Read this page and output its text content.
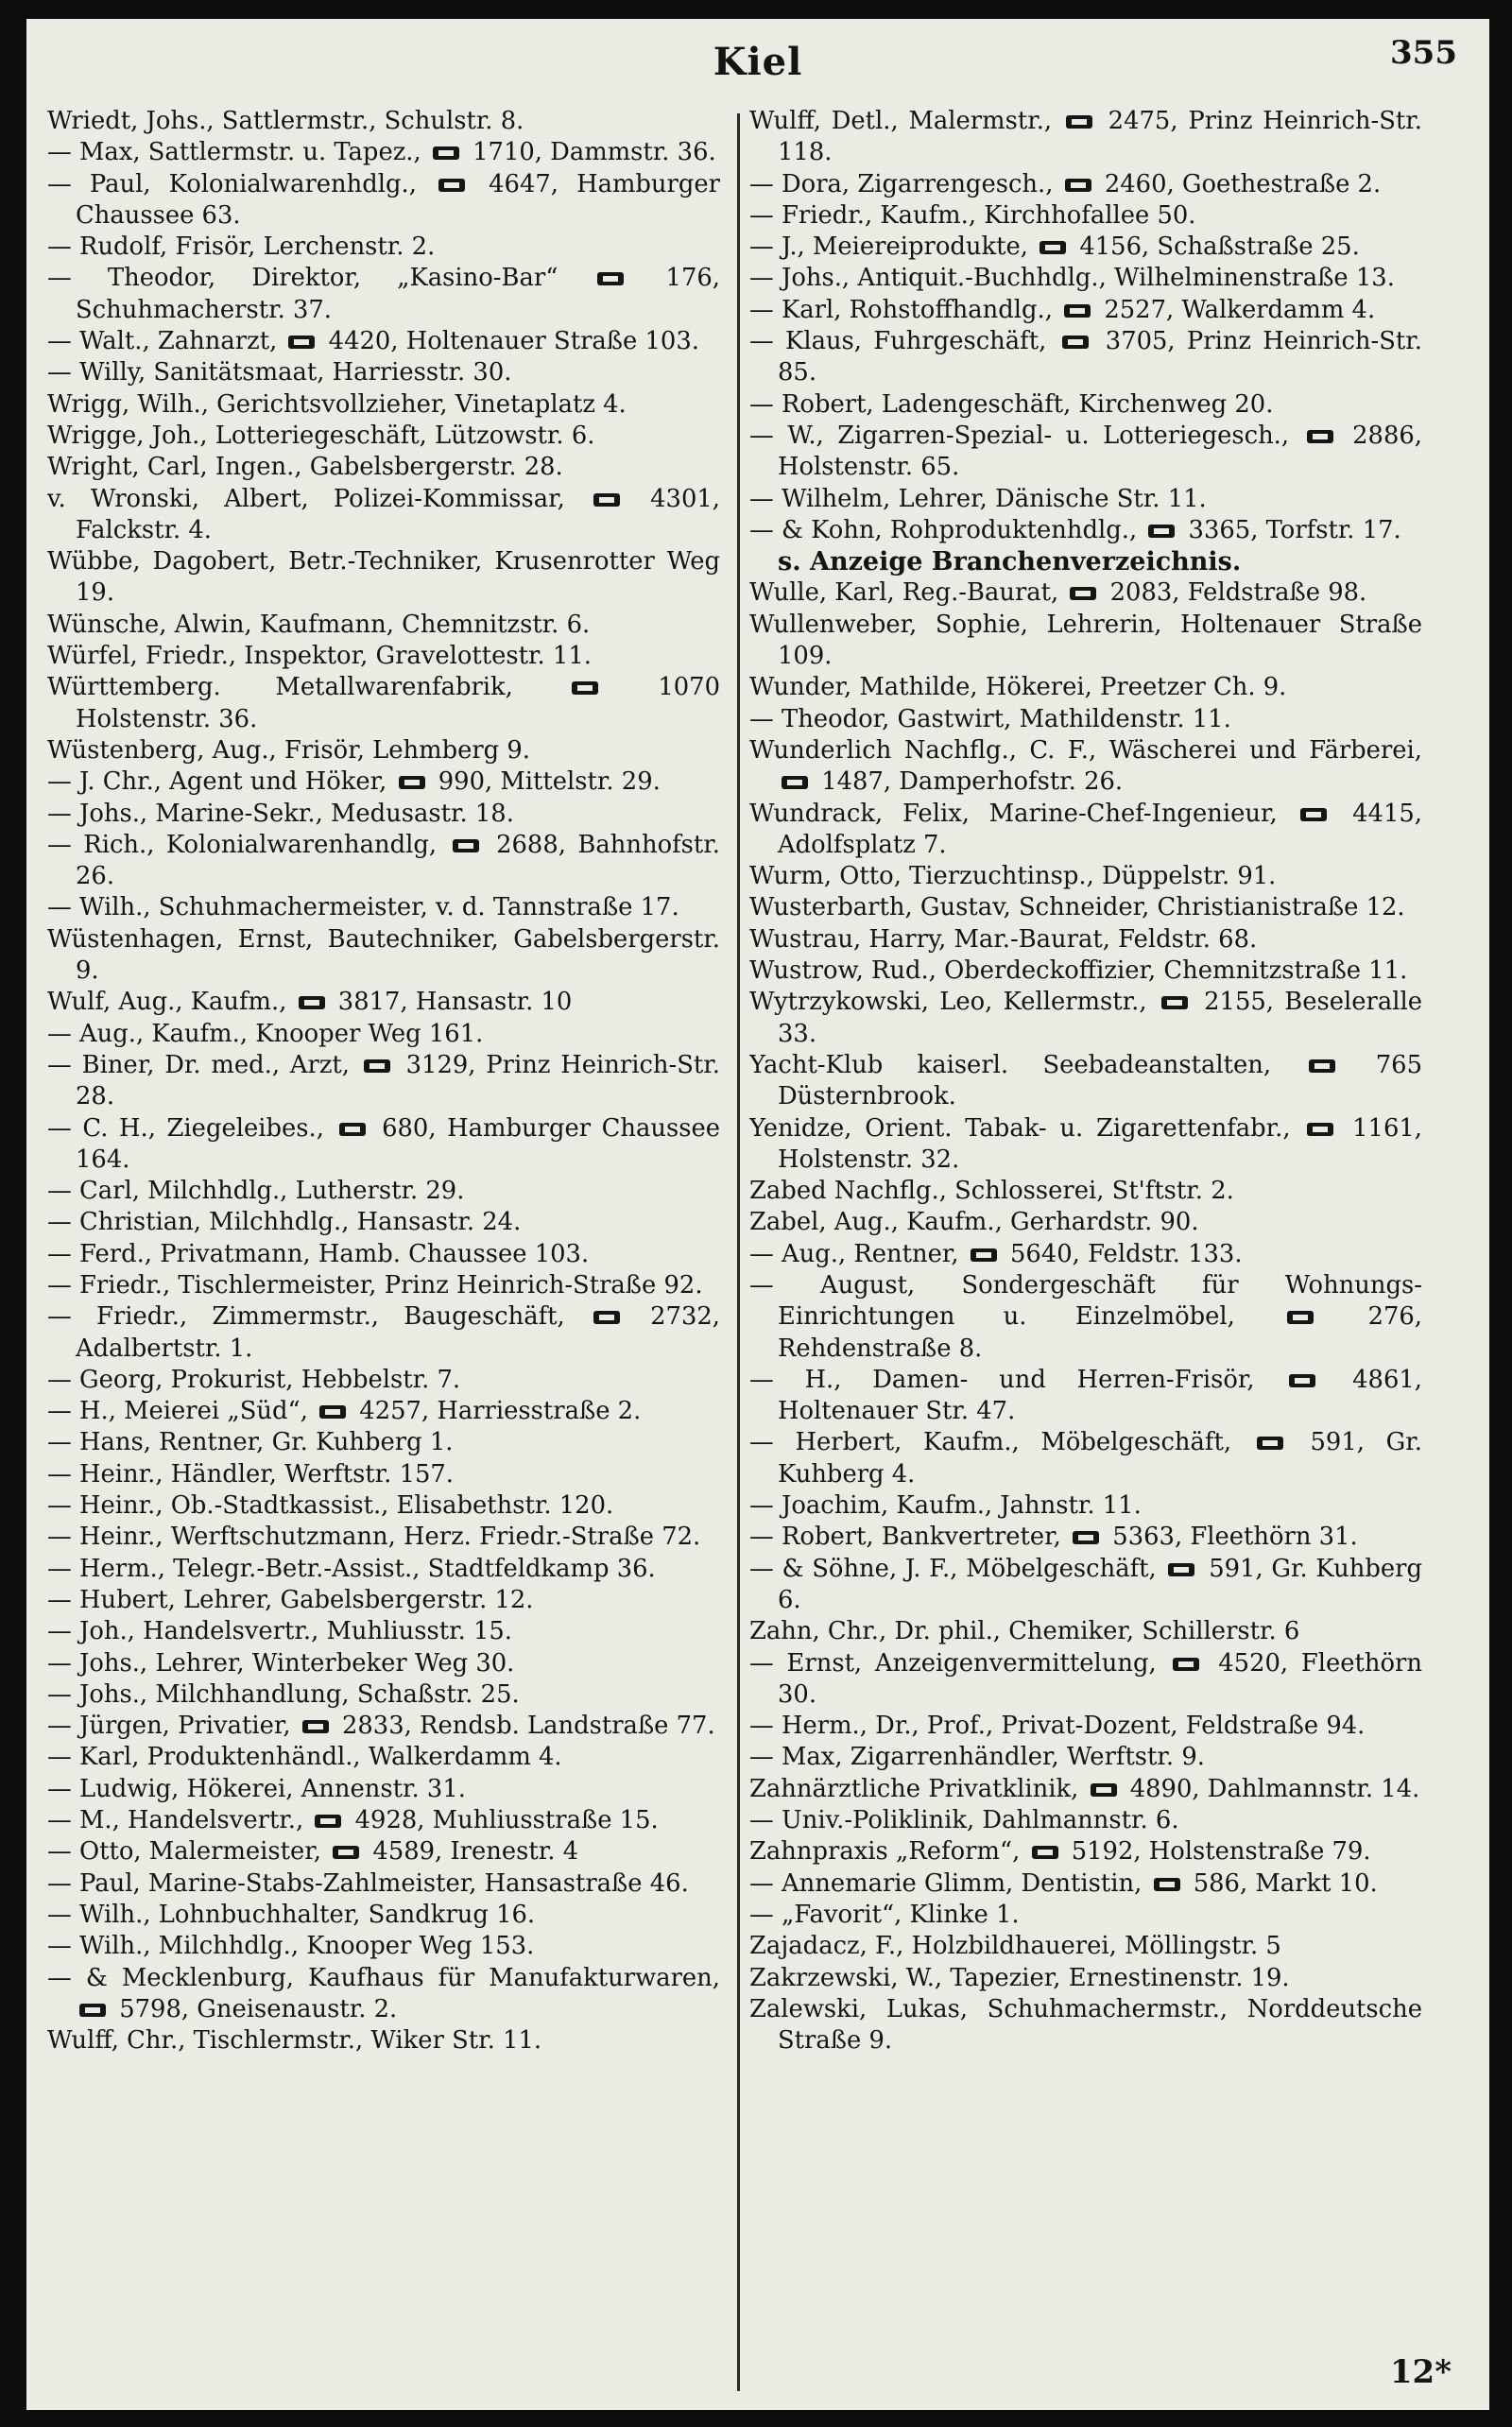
Kiel	355

Wriedt, Johs., Sattlermstr., Schulstr. 8.

— Max, Sattlermstr. u. Tapez.,  1710, Dammstr. 36.

— Paul, Kolonialwarenhdlg.,  4647, Hamburger Chaussee 63.

— Rudolf, Frisör, Lerchenstr. 2.

— Theodor, Direktor, „Kasino-Bar“  176, Schuhmacherstr. 37.

— Walt., Zahnarzt,  4420, Holtenauer Straße 103.

— Willy, Sanitätsmaat, Harriesstr. 30.

Wrigg, Wilh., Gerichtsvollzieher, Vinetaplatz 4.

Wrigge, Joh., Lotteriegeschäft, Lützowstr. 6.

Wright, Carl, Ingen., Gabelsbergerstr. 28.

v. Wronski, Albert, Polizei-Kommissar,  4301, Falckstr. 4.

Wübbe, Dagobert, Betr.-Techniker, Krusenrotter Weg 19.

Wünsche, Alwin, Kaufmann, Chemnitzstr. 6.

Würfel, Friedr., Inspektor, Gravelottestr. 11.

Württemberg. Metallwarenfabrik,  1070 Holstenstr. 36.

Wüstenberg, Aug., Frisör, Lehmberg 9.

— J. Chr., Agent und Höker,  990, Mittelstr. 29.

— Johs., Marine-Sekr., Medusastr. 18.

— Rich., Kolonialwarenhandlg,  2688, Bahnhofstr. 26.

— Wilh., Schuhmachermeister, v. d. Tannstraße 17.

Wüstenhagen, Ernst, Bautechniker, Gabelsbergerstr. 9.

Wulf, Aug., Kaufm.,  3817, Hansastr. 10

— Aug., Kaufm., Knooper Weg 161.

— Biner, Dr. med., Arzt,  3129, Prinz Heinrich-Str. 28.

— C. H., Ziegeleibes.,  680, Hamburger Chaussee 164.

— Carl, Milchhdlg., Lutherstr. 29.

— Christian, Milchhdlg., Hansastr. 24.

— Ferd., Privatmann, Hamb. Chaussee 103.

— Friedr., Tischlermeister, Prinz Heinrich-Straße 92.

— Friedr., Zimmermstr., Baugeschäft,  2732, Adalbertstr. 1.

— Georg, Prokurist, Hebbelstr. 7.

— H., Meierei „Süd“,  4257, Harriesstraße 2.

— Hans, Rentner, Gr. Kuhberg 1.

— Heinr., Händler, Werftstr. 157.

— Heinr., Ob.-Stadtkassist., Elisabethstr. 120.

— Heinr., Werftschutzmann, Herz. Friedr.-Straße 72.

— Herm., Telegr.-Betr.-Assist., Stadtfeldkamp 36.

— Hubert, Lehrer, Gabelsbergerstr. 12.

— Joh., Handelsvertr., Muhliusstr. 15.

— Johs., Lehrer, Winterbeker Weg 30.

— Johs., Milchhandlung, Schaßstr. 25.

— Jürgen, Privatier,  2833, Rendsb. Landstraße 77.

— Karl, Produktenhändl., Walkerdamm 4.

— Ludwig, Hökerei, Annenstr. 31.

— M., Handelsvertr.,  4928, Muhliusstraße 15.

— Otto, Malermeister,  4589, Irenestr. 4

— Paul, Marine-Stabs-Zahlmeister, Hansastraße 46.

— Wilh., Lohnbuchhalter, Sandkrug 16.

— Wilh., Milchhdlg., Knooper Weg 153.

— & Mecklenburg, Kaufhaus für Manufakturwaren,  5798, Gneisenaustr. 2.

Wulff, Chr., Tischlermstr., Wiker Str. 11.

Wulff, Detl., Malermstr.,  2475, Prinz Heinrich-Str. 118.

— Dora, Zigarrengesch.,  2460, Goethestraße 2.

— Friedr., Kaufm., Kirchhofallee 50.

— J., Meiereiprodukte,  4156, Schaßstraße 25.

— Johs., Antiquit.-Buchhdlg., Wilhelminenstraße 13.

— Karl, Rohstoffhandlg.,  2527, Walkerdamm 4.

— Klaus, Fuhrgeschäft,  3705, Prinz Heinrich-Str. 85.

— Robert, Ladengeschäft, Kirchenweg 20.

— W., Zigarren-Spezial- u. Lotteriegesch.,  2886, Holstenstr. 65.

— Wilhelm, Lehrer, Dänische Str. 11.

— & Kohn, Rohproduktenhdlg.,  3365, Torfstr. 17.

s. Anzeige Branchenverzeichnis.

Wulle, Karl, Reg.-Baurat,  2083, Feldstraße 98.

Wullenweber, Sophie, Lehrerin, Holtenauer Straße 109.

Wunder, Mathilde, Hökerei, Preetzer Ch. 9.

— Theodor, Gastwirt, Mathildenstr. 11.

Wunderlich Nachflg., C. F., Wäscherei und Färberei,  1487, Damperhofstr. 26.

Wundrack, Felix, Marine-Chef-Ingenieur,  4415, Adolfsplatz 7.

Wurm, Otto, Tierzuchtinsp., Düppelstr. 91.

Wusterbarth, Gustav, Schneider, Christianistraße 12.

Wustrau, Harry, Mar.-Baurat, Feldstr. 68.

Wustrow, Rud., Oberdeckoffizier, Chemnitzstraße 11.

Wytrzykowski, Leo, Kellermstr.,  2155, Beseleralle 33.

Yacht-Klub kaiserl. Seebadeanstalten,  765 Düsternbrook.

Yenidze, Orient. Tabak- u. Zigarettenfabr.,  1161, Holstenstr. 32.

Zabed Nachflg., Schlosserei, St'ftstr. 2.

Zabel, Aug., Kaufm., Gerhardstr. 90.

— Aug., Rentner,  5640, Feldstr. 133.

— August, Sondergeschäft für Wohnungs-Einrichtungen u. Einzelmöbel,  276, Rehdenstraße 8.

— H., Damen- und Herren-Frisör,  4861, Holtenauer Str. 47.

— Herbert, Kaufm., Möbelgeschäft,  591, Gr. Kuhberg 4.

— Joachim, Kaufm., Jahnstr. 11.

— Robert, Bankvertreter,  5363, Fleethörn 31.

— & Söhne, J. F., Möbelgeschäft,  591, Gr. Kuhberg 6.

Zahn, Chr., Dr. phil., Chemiker, Schillerstr. 6

— Ernst, Anzeigenvermittelung,  4520, Fleethörn 30.

— Herm., Dr., Prof., Privat-Dozent, Feldstraße 94.

— Max, Zigarrenhändler, Werftstr. 9.

Zahnärztliche Privatklinik,  4890, Dahlmannstr. 14.

— Univ.-Poliklinik, Dahlmannstr. 6.

Zahnpraxis „Reform“,  5192, Holstenstraße 79.

— Annemarie Glimm, Dentistin,  586, Markt 10.

— „Favorit“, Klinke 1.

Zajadacz, F., Holzbildhauerei, Möllingstr. 5

Zakrzewski, W., Tapezier, Ernestinenstr. 19.

Zalewski, Lukas, Schuhmachermstr., Norddeutsche Straße 9.

12*
